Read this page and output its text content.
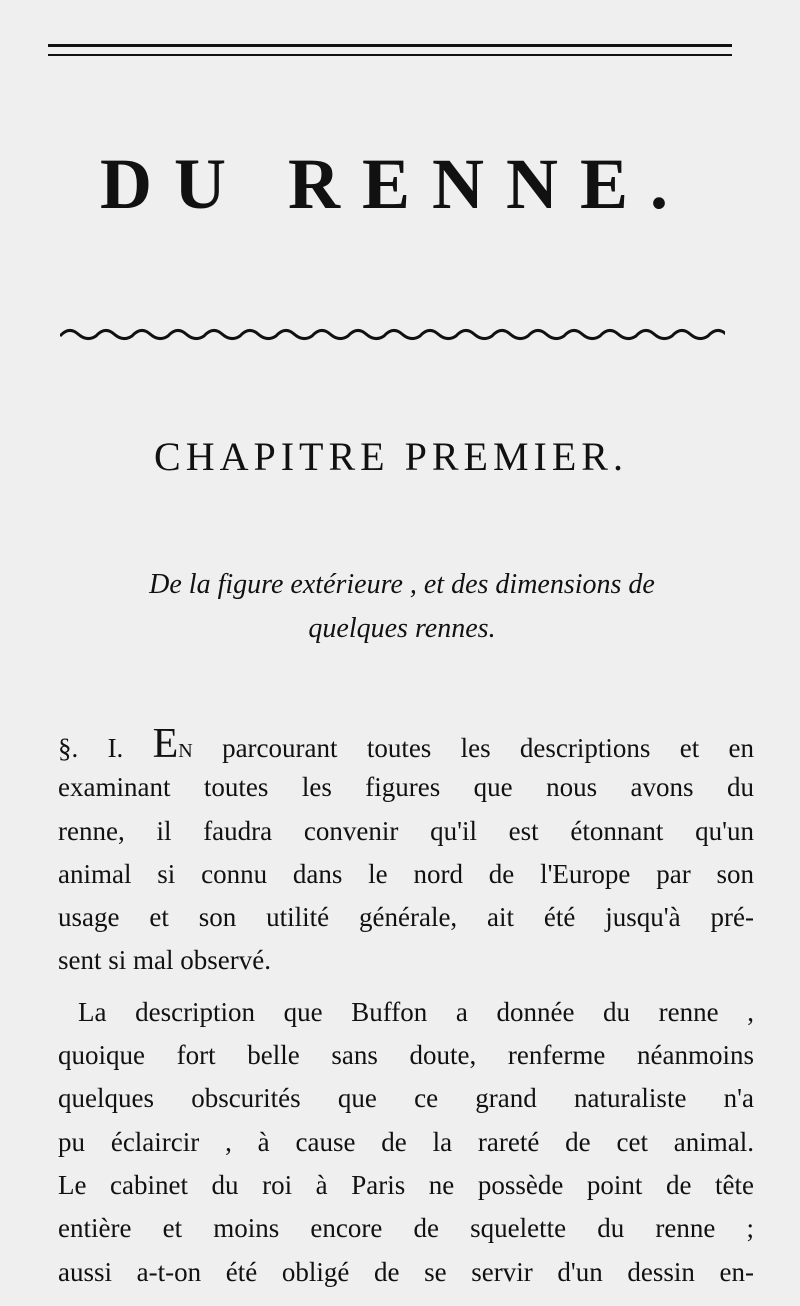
DU RENNE.
CHAPITRE PREMIER.
De la figure extérieure , et des dimensions de
quelques rennes.
§. I. EN parcourant toutes les descriptions et en
examinant toutes les figures que nous avons du
renne, il faudra convenir qu'il est étonnant qu'un
animal si connu dans le nord de l'Europe par son
usage et son utilité générale, ait été jusqu'à pré-
sent si mal observé.
La description que Buffon a donnée du renne ,
quoique fort belle sans doute, renferme néanmoins
quelques obscurités que ce grand naturaliste n'a
pu éclaircir , à cause de la rareté de cet animal.
Le cabinet du roi à Paris ne possède point de tête
entière et moins encore de squelette du renne ;
aussi a-t-on été obligé de se servir d'un dessin en-
